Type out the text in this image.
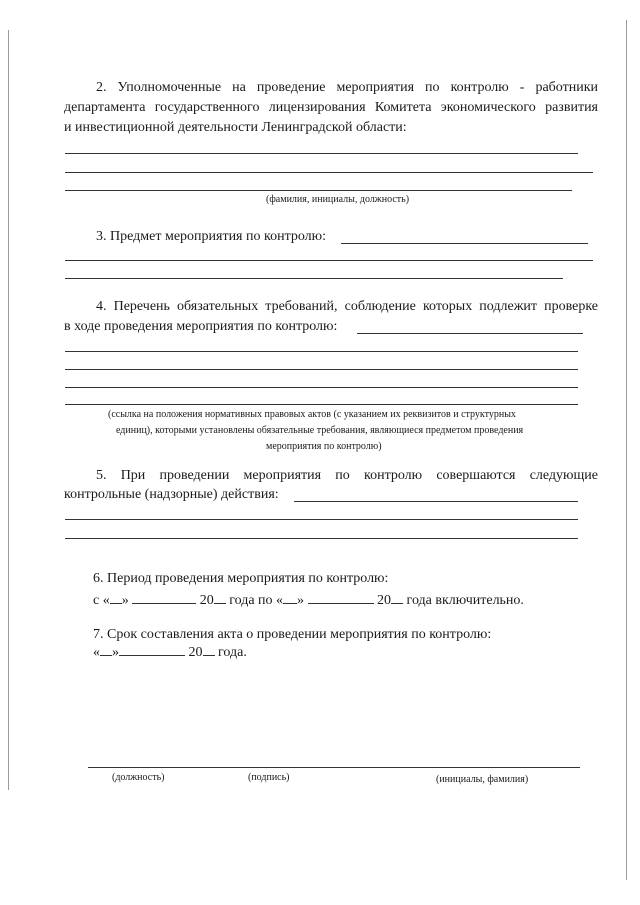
2. Уполномоченные на проведение мероприятия по контролю - работники
департамента государственного лицензирования Комитета экономического развития
и инвестиционной деятельности Ленинградской области:
(фамилия, инициалы, должность)
3. Предмет мероприятия по контролю:
4. Перечень обязательных требований, соблюдение которых подлежит проверке
в ходе проведения мероприятия по контролю:
(ссылка на положения нормативных правовых актов (с указанием их реквизитов и структурных
единиц), которыми установлены обязательные требования, являющиеся предметом проведения
мероприятия по контролю)
5. При проведении мероприятия по контролю совершаются следующие
контрольные (надзорные) действия:
6. Период проведения мероприятия по контролю:
с « »	20 года по « »	20 года включительно.
7. Срок составления акта о проведении мероприятия по контролю:
« »	20 года.
(должность)	(подпись)	(инициалы, фамилия)
